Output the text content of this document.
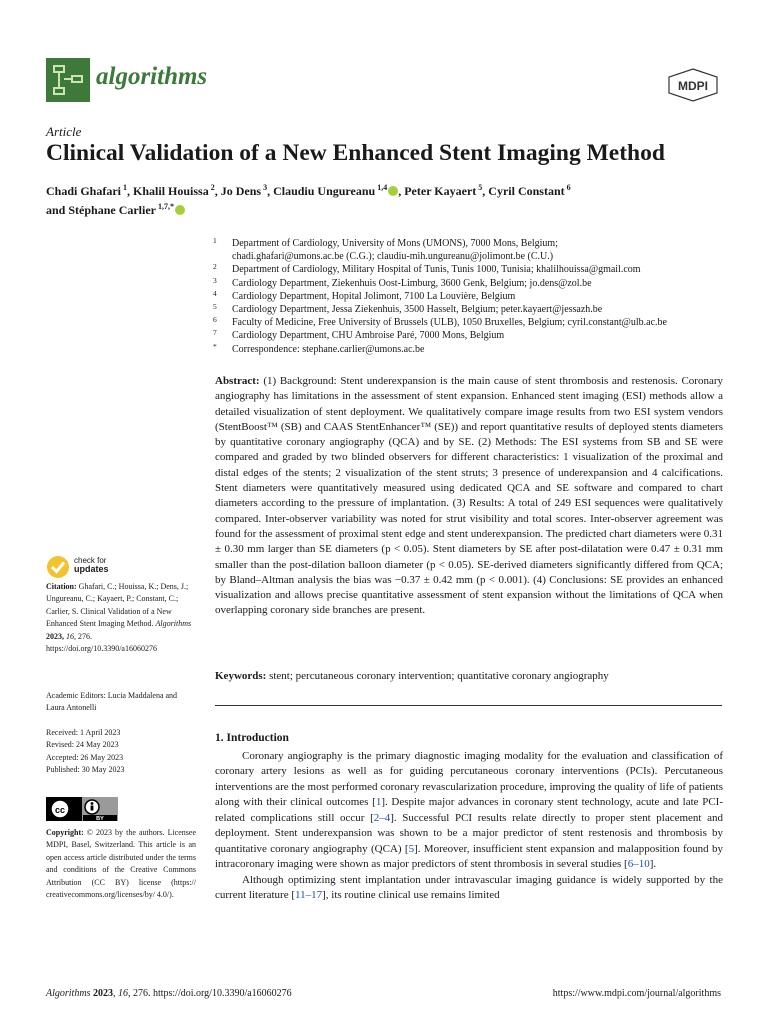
algorithms	MDPI
Article
Clinical Validation of a New Enhanced Stent Imaging Method
Chadi Ghafari $^1$, Khalil Houissa $^2$, Jo Dens $^3$, Claudiu Ungureanu $^{1,4}$ , Peter Kayaert $^5$, Cyril Constant $^6$
and Stéphane Carlier $^{1,7,*}$
1 Department of Cardiology, University of Mons (UMONS), 7000 Mons, Belgium;
chadi.ghafari@umons.ac.be (C.G.); claudiu-mih.ungureanu@jolimont.be (C.U.)
2 Department of Cardiology, Military Hospital of Tunis, Tunis 1000, Tunisia; khalilhouissa@gmail.com
3 Cardiology Department, Ziekenhuis Oost-Limburg, 3600 Genk, Belgium; jo.dens@zol.be
4 Cardiology Department, Hopital Jolimont, 7100 La Louvière, Belgium
5 Cardiology Department, Jessa Ziekenhuis, 3500 Hasselt, Belgium; peter.kayaert@jessazh.be
6 Faculty of Medicine, Free University of Brussels (ULB), 1050 Bruxelles, Belgium; cyril.constant@ulb.ac.be
7 Cardiology Department, CHU Ambroise Paré, 7000 Mons, Belgium
* Correspondence: stephane.carlier@umons.ac.be
check for
updates
Citation: Ghafari, C.; Houissa, K.; Dens, J.; Ungureanu, C.; Kayaert, P.; Constant, C.; Carlier, S. Clinical Validation of a New Enhanced Stent Imaging Method. Algorithms 2023, 16, 276. https://doi.org/10.3390/a16060276
Academic Editors: Lucia Maddalena and Laura Antonelli
Received: 1 April 2023
Revised: 24 May 2023
Accepted: 26 May 2023
Published: 30 May 2023
cc
BY
Copyright: © 2023 by the authors. Licensee MDPI, Basel, Switzerland. This article is an open access article distributed under the terms and conditions of the Creative Commons Attribution (CC BY) license (https:// creativecommons.org/licenses/by/ 4.0/).

Abstract: (1) Background: Stent underexpansion is the main cause of stent thrombosis and restenosis. Coronary angiography has limitations in the assessment of stent expansion. Enhanced stent imaging (ESI) methods allow a detailed visualization of stent deployment. We qualitatively compare image results from two ESI system vendors (StentBoost™ (SB) and CAAS StentEnhancer™ (SE)) and report quantitative results of deployed stents diameters by quantitative coronary angiography (QCA) and by SE. (2) Methods: The ESI systems from SB and SE were compared and graded by two blinded observers for different characteristics: 1 visualization of the proximal and distal edges of the stents; 2 visualization of the stent struts; 3 presence of underexpansion and 4 calcifications. Stent diameters were quantitatively measured using dedicated QCA and SE software and compared to chart diameters according to the pressure of implantation. (3) Results: A total of 249 ESI sequences were qualitatively compared. Inter-observer variability was noted for strut visibility and total scores. Inter-observer agreement was found for the assessment of proximal stent edge and stent underexpansion. The predicted chart diameters were 0.31 ± 0.30 mm larger than SE diameters (p < 0.05). Stent diameters by SE after post-dilatation were 0.47 ± 0.31 mm smaller than the post-dilation balloon diameter (p < 0.05). SE-derived diameters significantly differed from QCA; by Bland–Altman analysis the bias was −0.37 ± 0.42 mm (p < 0.001). (4) Conclusions: SE provides an enhanced visualization and allows precise quantitative assessment of stent expansion without the limitations of QCA when overlapping coronary side branches are present.

Keywords: stent; percutaneous coronary intervention; quantitative coronary angiography
1. Introduction

Coronary angiography is the primary diagnostic imaging modality for the evaluation and classification of coronary artery lesions as well as for guiding percutaneous coronary interventions (PCIs). Percutaneous interventions are the most performed coronary revascularization procedure, improving the quality of life of patients along with their clinical outcomes [1]. Despite major advances in coronary stent technology, acute and late PCI-related complications still occur [2–4]. Successful PCI results relate directly to proper stent placement and deployment. Stent underexpansion was shown to be a major predictor of stent restenosis and thrombosis by quantitative coronary angiography (QCA) [5]. Moreover, insufficient stent expansion and malapposition found by intracoronary imaging were shown as major predictors of stent thrombosis in several studies [6–10].

Although optimizing stent implantation under intravascular imaging guidance is widely supported by the current literature [11–17], its routine clinical use remains limited

Algorithms 2023, 16, 276. https://doi.org/10.3390/a16060276	https://www.mdpi.com/journal/algorithms
